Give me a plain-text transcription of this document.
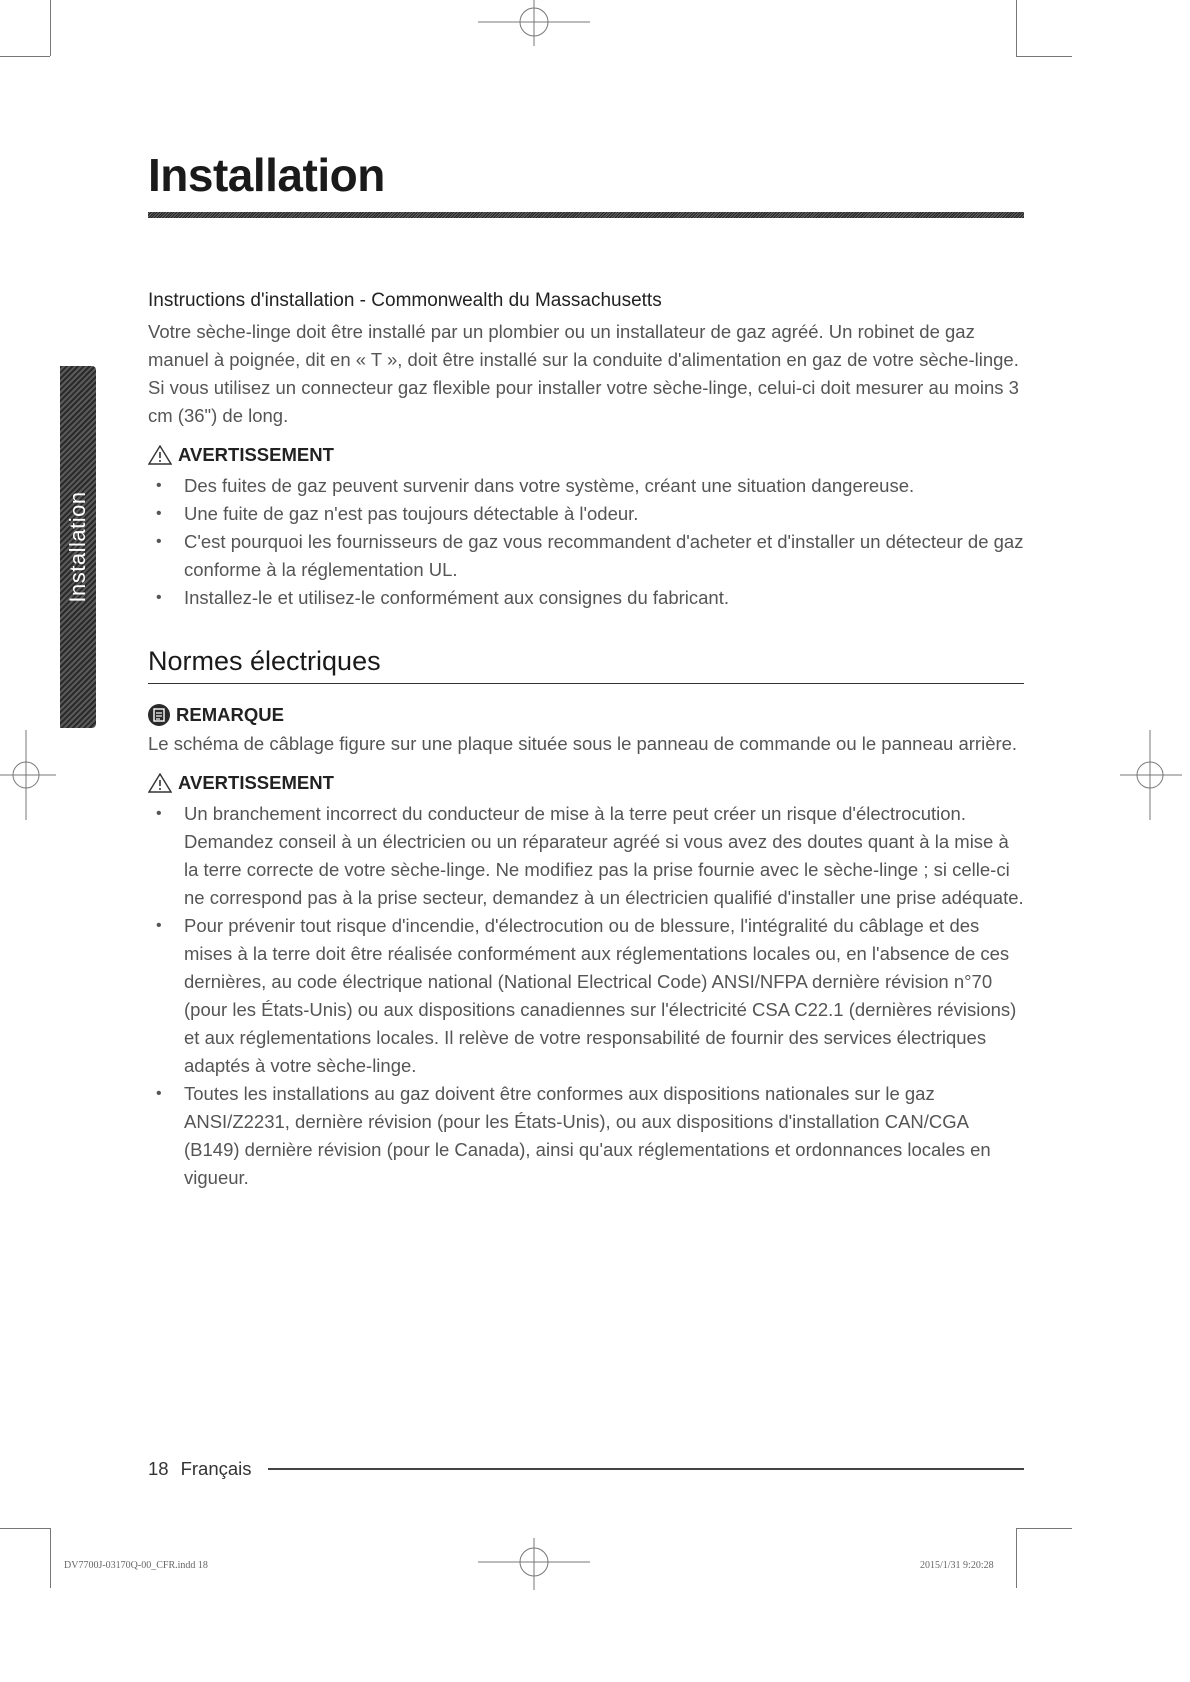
Installation
Installation
Instructions d'installation - Commonwealth du Massachusetts

Votre sèche-linge doit être installé par un plombier ou un installateur de gaz agréé. Un robinet de gaz manuel à poignée, dit en « T », doit être installé sur la conduite d'alimentation en gaz de votre sèche-linge. Si vous utilisez un connecteur gaz flexible pour installer votre sèche-linge, celui-ci doit mesurer au moins 3 cm (36") de long.

AVERTISSEMENT
• Des fuites de gaz peuvent survenir dans votre système, créant une situation dangereuse.
• Une fuite de gaz n'est pas toujours détectable à l'odeur.
• C'est pourquoi les fournisseurs de gaz vous recommandent d'acheter et d'installer un détecteur de gaz conforme à la réglementation UL.
• Installez-le et utilisez-le conformément aux consignes du fabricant.
Normes électriques
REMARQUE

Le schéma de câblage figure sur une plaque située sous le panneau de commande ou le panneau arrière.

AVERTISSEMENT
• Un branchement incorrect du conducteur de mise à la terre peut créer un risque d'électrocution.
Demandez conseil à un électricien ou un réparateur agréé si vous avez des doutes quant à la mise à la terre correcte de votre sèche-linge. Ne modifiez pas la prise fournie avec le sèche-linge ; si celle-ci ne correspond pas à la prise secteur, demandez à un électricien qualifié d'installer une prise adéquate.
• Pour prévenir tout risque d'incendie, d'électrocution ou de blessure, l'intégralité du câblage et des mises à la terre doit être réalisée conformément aux réglementations locales ou, en l'absence de ces dernières, au code électrique national (National Electrical Code) ANSI/NFPA dernière révision n°70 (pour les États-Unis) ou aux dispositions canadiennes sur l'électricité CSA C22.1 (dernières révisions) et aux réglementations locales. Il relève de votre responsabilité de fournir des services électriques adaptés à votre sèche-linge.
• Toutes les installations au gaz doivent être conformes aux dispositions nationales sur le gaz ANSI/Z2231, dernière révision (pour les États-Unis), ou aux dispositions d'installation CAN/CGA (B149) dernière révision (pour le Canada), ainsi qu'aux réglementations et ordonnances locales en vigueur.
18 Français
DV7700J-03170Q-00_CFR.indd 18	2015/1/31 9:20:28
